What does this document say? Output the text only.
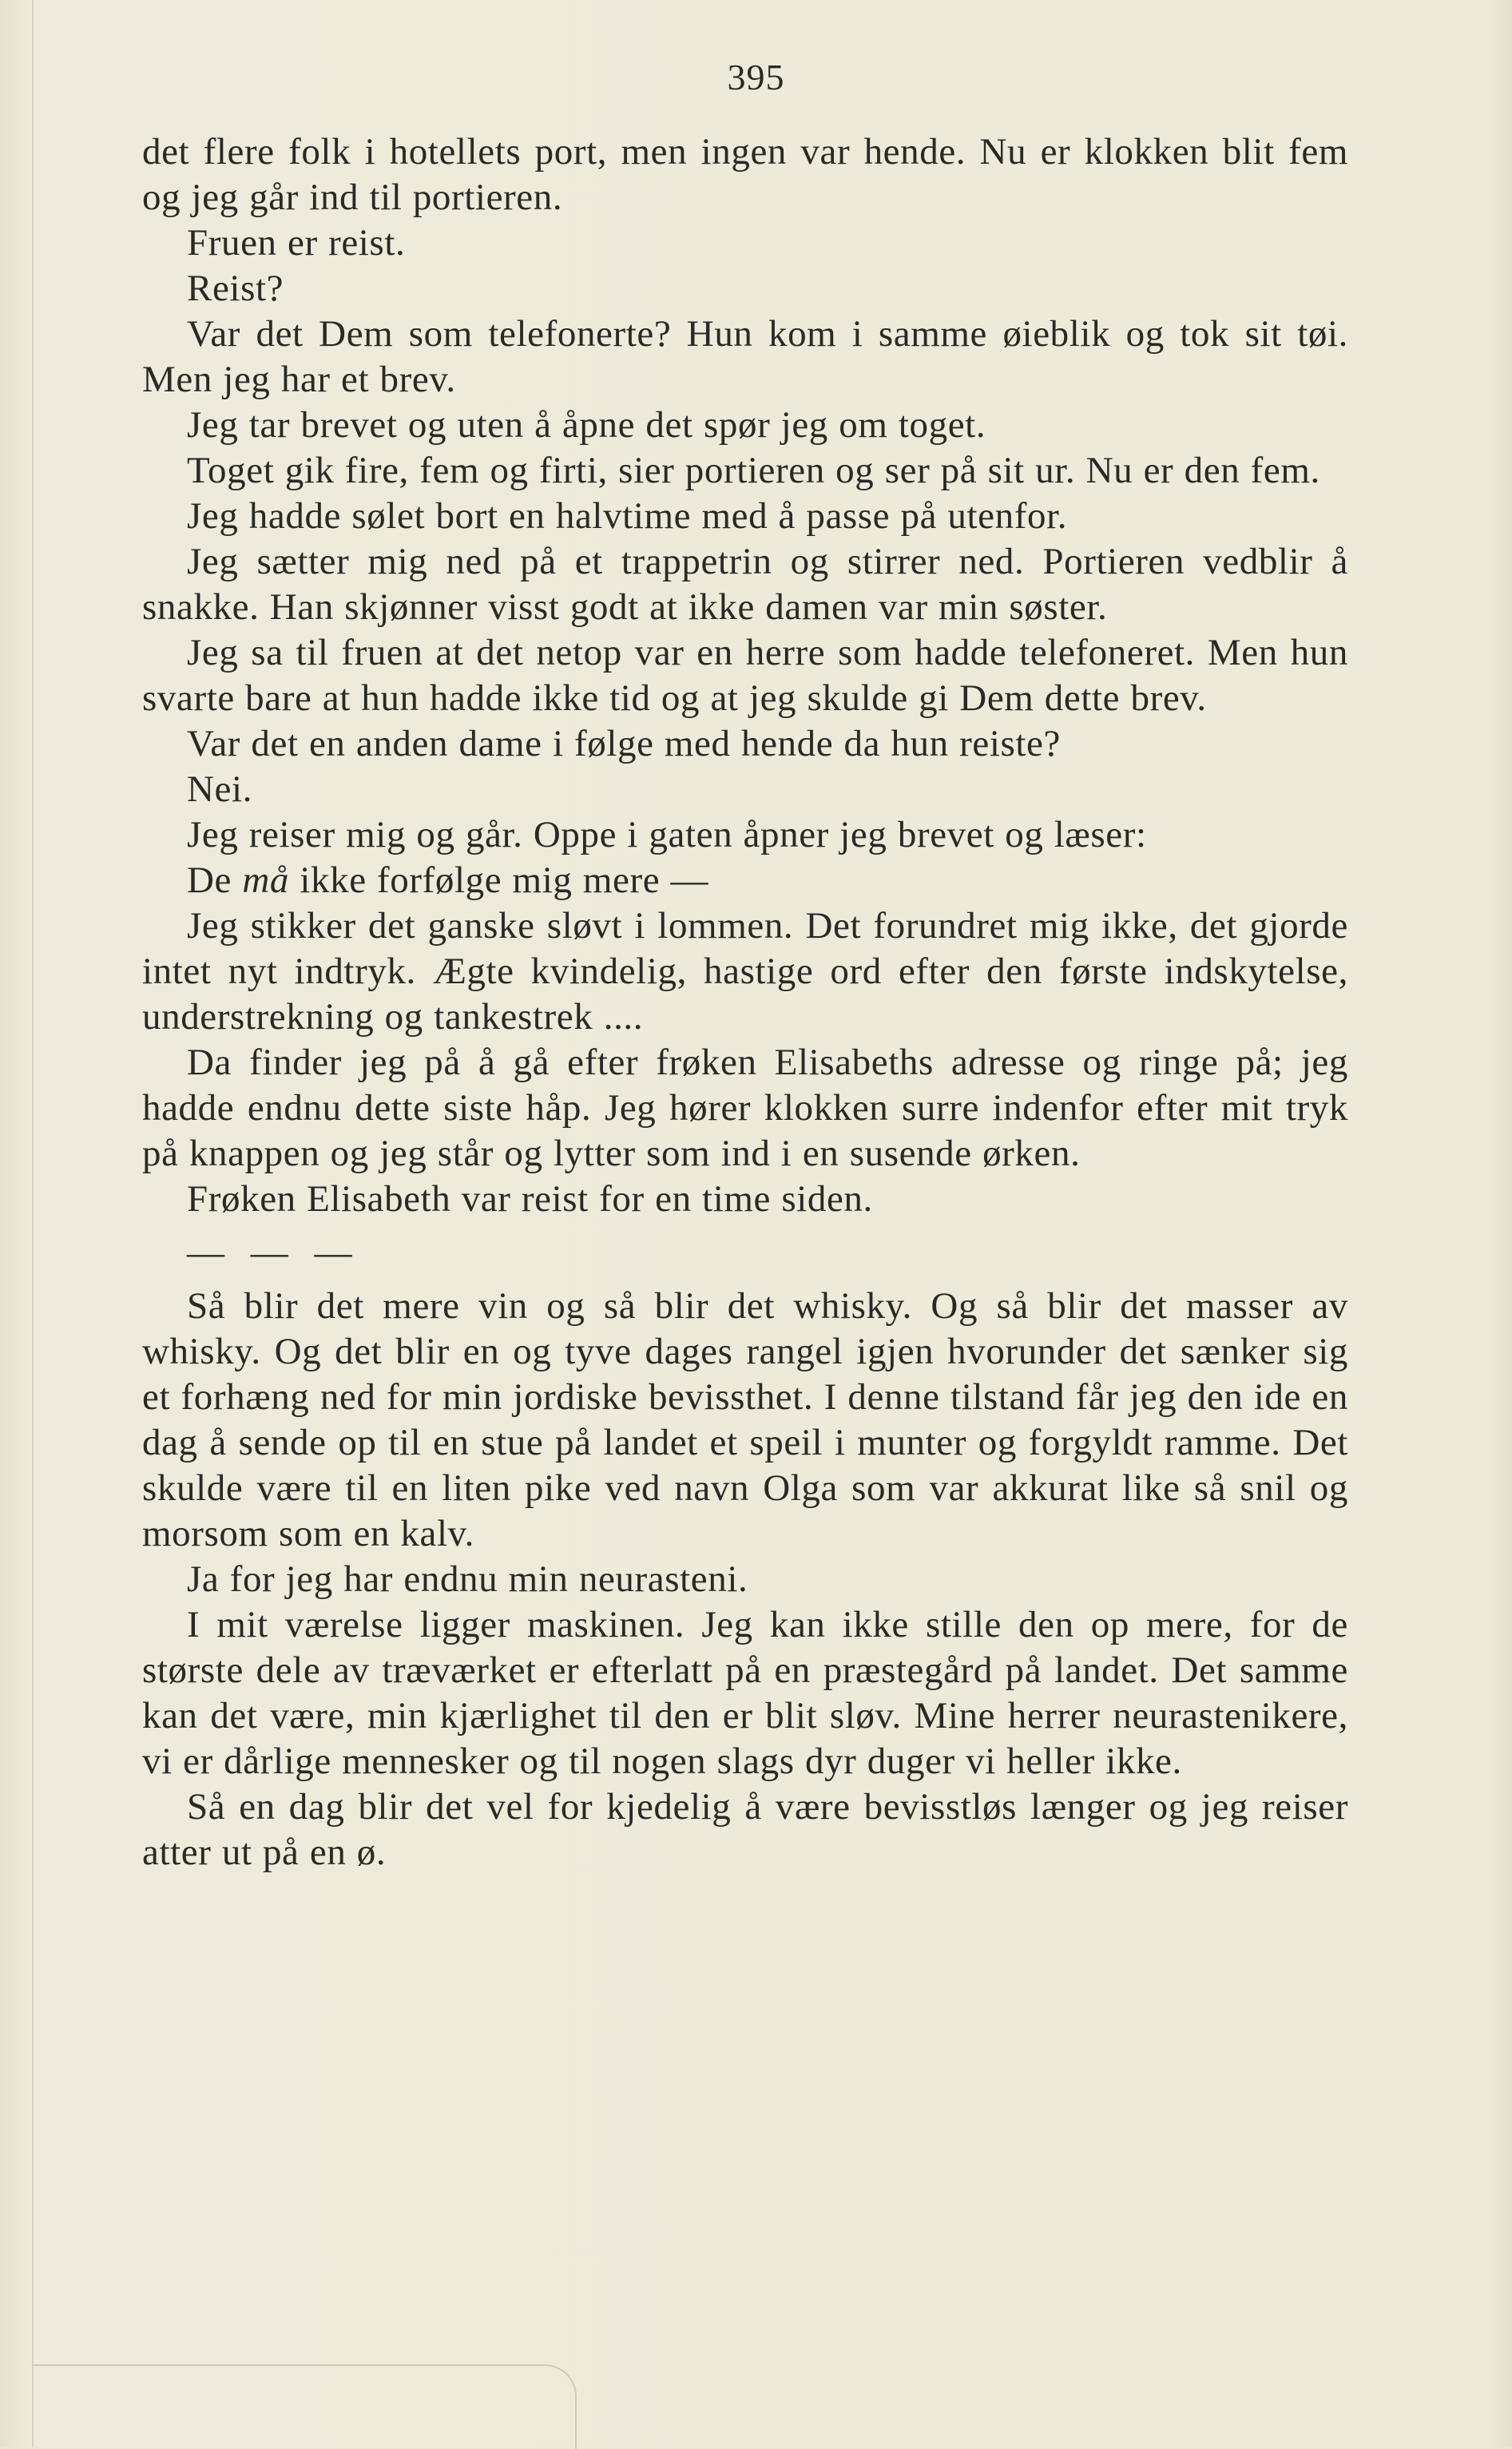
395

det flere folk i hotellets port, men ingen var hende. Nu er klokken blit fem og jeg går ind til portieren.

Fruen er reist.

Reist?

Var det Dem som telefonerte? Hun kom i samme øieblik og tok sit tøi. Men jeg har et brev.

Jeg tar brevet og uten å åpne det spør jeg om toget.

Toget gik fire, fem og firti, sier portieren og ser på sit ur. Nu er den fem.

Jeg hadde sølet bort en halvtime med å passe på utenfor.

Jeg sætter mig ned på et trappetrin og stirrer ned. Portieren vedblir å snakke. Han skjønner visst godt at ikke damen var min søster.

Jeg sa til fruen at det netop var en herre som hadde telefoneret. Men hun svarte bare at hun hadde ikke tid og at jeg skulde gi Dem dette brev.

Var det en anden dame i følge med hende da hun reiste?

Nei.

Jeg reiser mig og går. Oppe i gaten åpner jeg brevet og læser:

De må ikke forfølge mig mere —

Jeg stikker det ganske sløvt i lommen. Det forundret mig ikke, det gjorde intet nyt indtryk. Ægte kvindelig, hastige ord efter den første indskytelse, understrekning og tankestrek ....

Da finder jeg på å gå efter frøken Elisabeths adresse og ringe på; jeg hadde endnu dette siste håp. Jeg hører klokken surre indenfor efter mit tryk på knappen og jeg står og lytter som ind i en susende ørken.

Frøken Elisabeth var reist for en time siden.

— — —

Så blir det mere vin og så blir det whisky. Og så blir det masser av whisky. Og det blir en og tyve dages rangel igjen hvorunder det sænker sig et forhæng ned for min jordiske bevissthet. I denne tilstand får jeg den ide en dag å sende op til en stue på landet et speil i munter og forgyldt ramme. Det skulde være til en liten pike ved navn Olga som var akkurat like så snil og morsom som en kalv.

Ja for jeg har endnu min neurasteni.

I mit værelse ligger maskinen. Jeg kan ikke stille den op mere, for de største dele av træværket er efterlatt på en præstegård på landet. Det samme kan det være, min kjærlighet til den er blit sløv. Mine herrer neurastenikere, vi er dårlige mennesker og til nogen slags dyr duger vi heller ikke.

Så en dag blir det vel for kjedelig å være bevisstløs længer og jeg reiser atter ut på en ø.
